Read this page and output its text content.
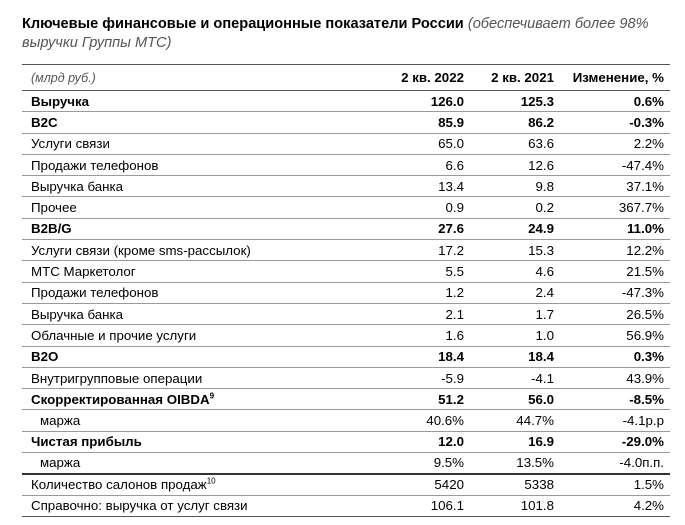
Ключевые финансовые и операционные показатели России (обеспечивает более 98% выручки Группы МТС)
(млрд руб.)	2 кв. 2022	2 кв. 2021	Изменение, %
Выручка	126.0	125.3	0.6%
B2C	85.9	86.2	-0.3%
Услуги связи	65.0	63.6	2.2%
Продажи телефонов	6.6	12.6	-47.4%
Выручка банка	13.4	9.8	37.1%
Прочее	0.9	0.2	367.7%
B2B/G	27.6	24.9	11.0%
Услуги связи (кроме sms-рассылок)	17.2	15.3	12.2%
МТС Маркетолог	5.5	4.6	21.5%
Продажи телефонов	1.2	2.4	-47.3%
Выручка банка	2.1	1.7	26.5%
Облачные и прочие услуги	1.6	1.0	56.9%
B2O	18.4	18.4	0.3%
Внутригрупповые операции	-5.9	-4.1	43.9%
Скорректированная OIBDA$^9$	51.2	56.0	-8.5%
маржа	40.6%	44.7%	-4.1p.p
Чистая прибыль	12.0	16.9	-29.0%
маржа	9.5%	13.5%	-4.0п.п.
Количество салонов продаж$^{10}$	5420	5338	1.5%
Справочно: выручка от услуг связи	106.1	101.8	4.2%
